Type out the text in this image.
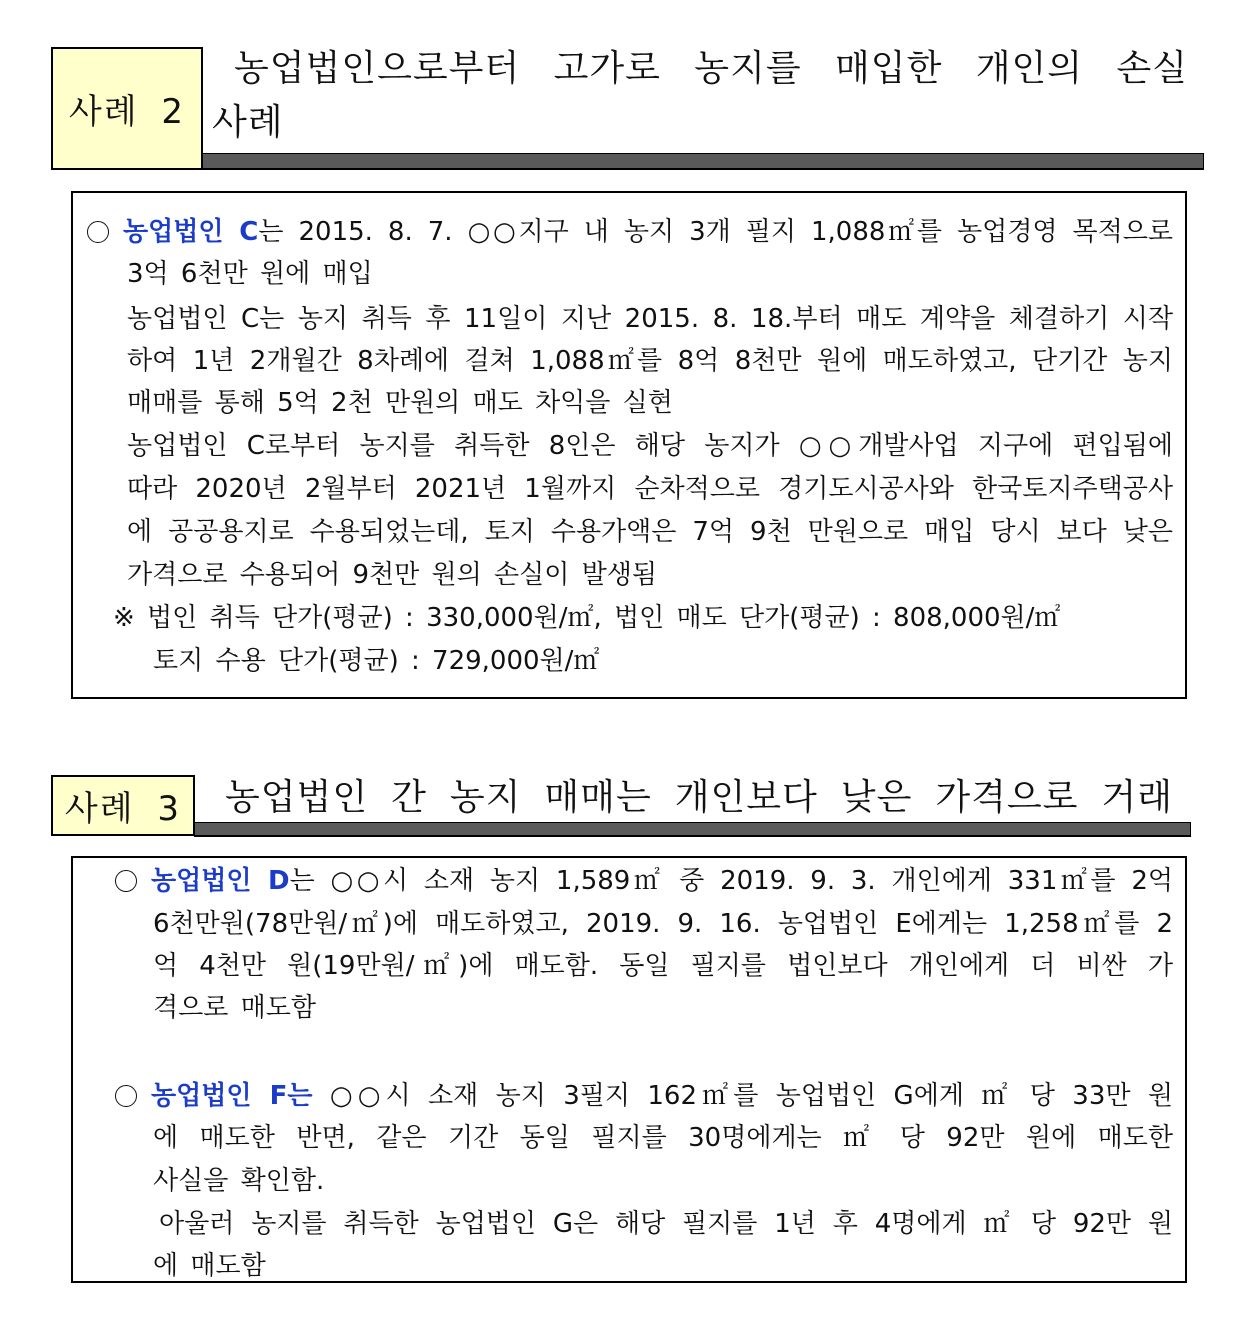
사례 2
농업법인으로부터 고가로 농지를 매입한 개인의 손실
사례
농업법인 C는 2015. 8. 7. ○○지구 내 농지 3개 필지 1,088㎡를 농업경영 목적으로
3억 6천만 원에 매입
농업법인 C는 농지 취득 후 11일이 지난 2015. 8. 18.부터 매도 계약을 체결하기 시작
하여 1년 2개월간 8차례에 걸쳐 1,088㎡를 8억 8천만 원에 매도하였고, 단기간 농지
매매를 통해 5억 2천 만원의 매도 차익을 실현
농업법인 C로부터 농지를 취득한 8인은 해당 농지가 ○○개발사업 지구에 편입됨에
따라 2020년 2월부터 2021년 1월까지 순차적으로 경기도시공사와 한국토지주택공사
에 공공용지로 수용되었는데, 토지 수용가액은 7억 9천 만원으로 매입 당시 보다 낮은
가격으로 수용되어 9천만 원의 손실이 발생됨
※ 법인 취득 단가(평균) : 330,000원/㎡, 법인 매도 단가(평균) : 808,000원/㎡
토지 수용 단가(평균) : 729,000원/㎡
사례 3	농업법인 간 농지 매매는 개인보다 낮은 가격으로 거래
농업법인 D는 ○○시 소재 농지 1,589㎡ 중 2019. 9. 3. 개인에게 331㎡를 2억
6천만원(78만원/㎡)에 매도하였고, 2019. 9. 16. 농업법인 E에게는 1,258㎡를 2
억 4천만 원(19만원/㎡)에 매도함. 동일 필지를 법인보다 개인에게 더 비싼 가
격으로 매도함
농업법인 F는 ○○시 소재 농지 3필지 162㎡를 농업법인 G에게 ㎡ 당 33만 원
에 매도한 반면, 같은 기간 동일 필지를 30명에게는 ㎡ 당 92만 원에 매도한
사실을 확인함.
아울러 농지를 취득한 농업법인 G은 해당 필지를 1년 후 4명에게 ㎡ 당 92만 원
에 매도함
